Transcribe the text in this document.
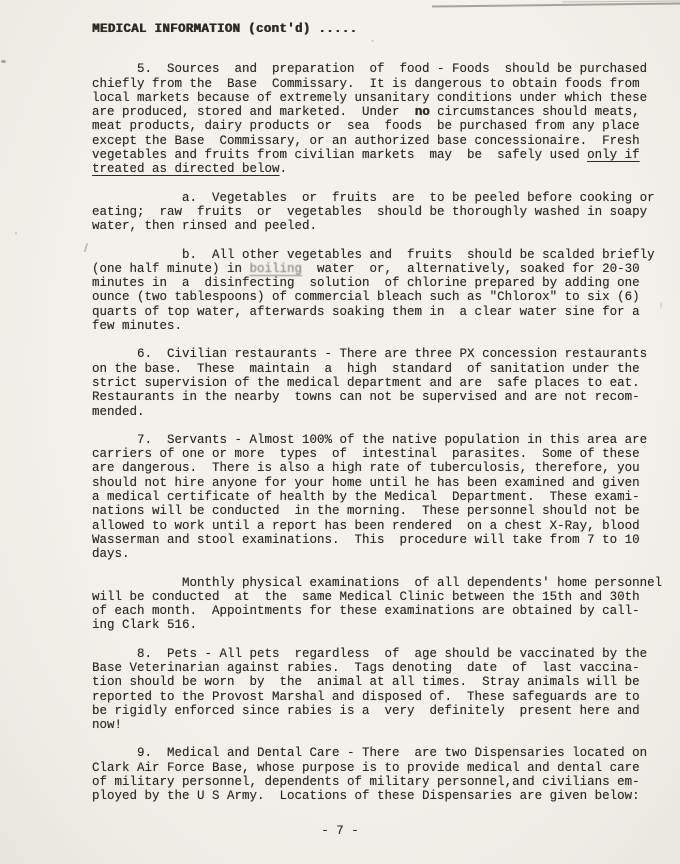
MEDICAL INFORMATION (cont'd) .....
5.  Sources  and  preparation  of  food - Foods  should be purchased
chiefly from the  Base  Commissary.  It is dangerous to obtain foods from
local markets because of extremely unsanitary conditions under which these
are produced, stored and marketed.  Under  no circumstances should meats,
meat products, dairy products or  sea  foods  be purchased from any place
except the Base  Commissary, or an authorized base concessionaire.  Fresh
vegetables and fruits from civilian markets  may  be  safely used only if
treated as directed below.
a.  Vegetables  or  fruits  are  to be peeled before cooking or
eating;  raw  fruits  or  vegetables  should be thoroughly washed in soapy
water, then rinsed and peeled.
b.  All other vegetables and  fruits  should be scalded briefly
(one half minute) in boiling  water  or,  alternatively, soaked for 20-30
minutes in  a  disinfecting  solution  of chlorine prepared by adding one
ounce (two tablespoons) of commercial bleach such as "Chlorox" to six (6)
quarts of top water, afterwards soaking them in  a clear water sine for a
few minutes.
6.  Civilian restaurants - There are three PX concession restaurants
on the base.  These  maintain  a  high  standard  of sanitation under the
strict supervision of the medical department and are  safe places to eat.
Restaurants in the nearby  towns can not be supervised and are not recom-
mended.
7.  Servants - Almost 100% of the native population in this area are
carriers of one or more  types  of  intestinal  parasites.  Some of these
are dangerous.  There is also a high rate of tuberculosis, therefore, you
should not hire anyone for your home until he has been examined and given
a medical certificate of health by the Medical  Department.  These exami-
nations will be conducted  in the morning.  These personnel should not be
allowed to work until a report has been rendered  on a chest X-Ray, blood
Wasserman and stool examinations.  This  procedure will take from 7 to 10
days.
Monthly physical examinations  of all dependents' home personnel
will be conducted  at  the  same Medical Clinic between the 15th and 30th
of each month.  Appointments for these examinations are obtained by call-
ing Clark 516.
8.  Pets - All pets  regardless  of  age should be vaccinated by the
Base Veterinarian against rabies.  Tags denoting  date  of  last vaccina-
tion should be worn  by  the  animal at all times.  Stray animals will be
reported to the Provost Marshal and disposed of.  These safeguards are to
be rigidly enforced since rabies is a  very  definitely  present here and
now!
9.  Medical and Dental Care - There  are two Dispensaries located on
Clark Air Force Base, whose purpose is to provide medical and dental care
of military personnel, dependents of military personnel,and civilians em-
ployed by the U S Army.  Locations of these Dispensaries are given below:
- 7 -
